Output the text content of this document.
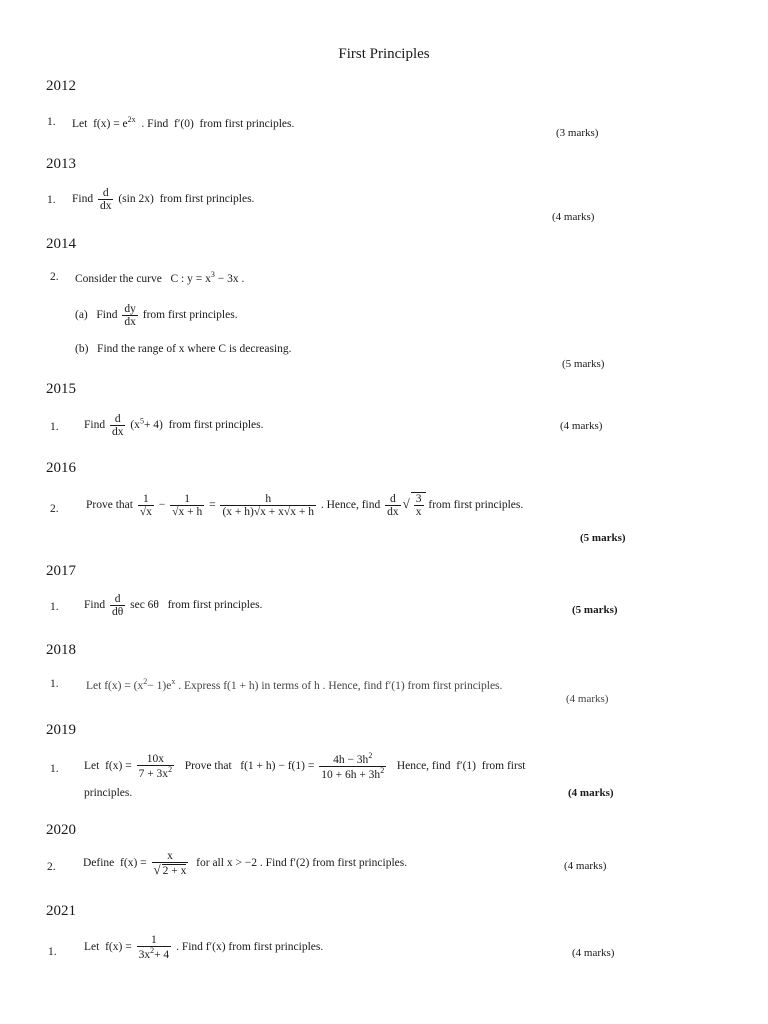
First Principles
2012
1. Let $f(x) = e^{2x}$ . Find f′(0) from first principles.
(3 marks)
2013
1. Find $\frac{d}{dx} (\sin$ 2x) from first principles.
(4 marks)
2014
2. Consider the curve C : $y = x^3 - 3x$ .
(a) Find $\frac{dy}{dx}$ from first principles.
(b) Find the range of x where C is decreasing.
(5 marks)
2015
1. Find $\frac{d}{dx} (x^5+ 4)$ from first principles.	(4 marks)
2016
2. Prove that $\frac{1}{√x} - \frac{1}{√x + h} = \frac{h}{(x + h)√x + x√x + h}$ . Hence, find $\frac{d}{dx}$ √ $\frac{3}{x}$ from first principles.
(5 marks)
2017
1. Find $\frac{d}{d\theta}$ sec 6θ from first principles.	(5 marks)
2018
1. Let $f(x) = (x^2- 1)e^x$ . Express f(1 + h) in terms of h . Hence, find f′(1) from first principles.
(4 marks)
2019
1. Let $f(x) = \frac{10x}{7 + 3x^2}$ Prove that $f(1 + h) - f(1) = \frac{4h - 3h^2}{10 + 6h + 3h^2}$ Hence, find f′(1) from first
principles.	(4 marks)
2020
2. Define $f(x) = \frac{x}{√ 2 + x}$ for all x > −2 . Find f′(2) from first principles.	(4 marks)
2021
1. Let $f(x) = \frac{1}{3x^2+ 4}$ . Find f′(x) from first principles.	(4 marks)
